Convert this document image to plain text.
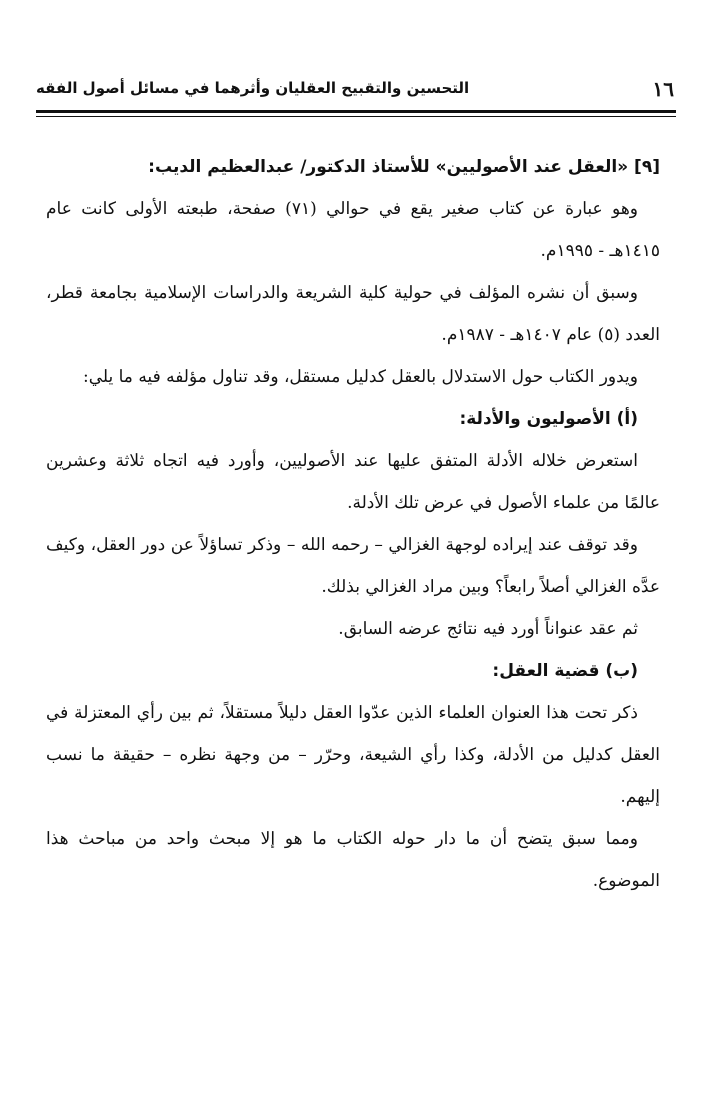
التحسين والتقبيح العقليان وأثرهما في مسائل أصول الفقه	١٦

[٩] «العقل عند الأصوليين» للأستاذ الدكتور/ عبدالعظيم الديب:

وهو عبارة عن كتاب صغير يقع في حوالي (٧١) صفحة، طبعته الأولى كانت عام ١٤١٥هـ - ١٩٩٥م.

وسبق أن نشره المؤلف في حولية كلية الشريعة والدراسات الإسلامية بجامعة قطر، العدد (٥) عام ١٤٠٧هـ - ١٩٨٧م.

ويدور الكتاب حول الاستدلال بالعقل كدليل مستقل، وقد تناول مؤلفه فيه ما يلي:

(أ) الأصوليون والأدلة:

استعرض خلاله الأدلة المتفق عليها عند الأصوليين، وأورد فيه اتجاه ثلاثة وعشرين عالمًا من علماء الأصول في عرض تلك الأدلة.

وقد توقف عند إيراده لوجهة الغزالي – رحمه الله – وذكر تساؤلاً عن دور العقل، وكيف عدَّه الغزالي أصلاً رابعاً؟ وبين مراد الغزالي بذلك.

ثم عقد عنواناً أورد فيه نتائج عرضه السابق.

(ب) قضية العقل:

ذكر تحت هذا العنوان العلماء الذين عدّوا العقل دليلاً مستقلاً، ثم بين رأي المعتزلة في العقل كدليل من الأدلة، وكذا رأي الشيعة، وحرّر – من وجهة نظره – حقيقة ما نسب إليهم.

ومما سبق يتضح أن ما دار حوله الكتاب ما هو إلا مبحث واحد من مباحث هذا الموضوع.
